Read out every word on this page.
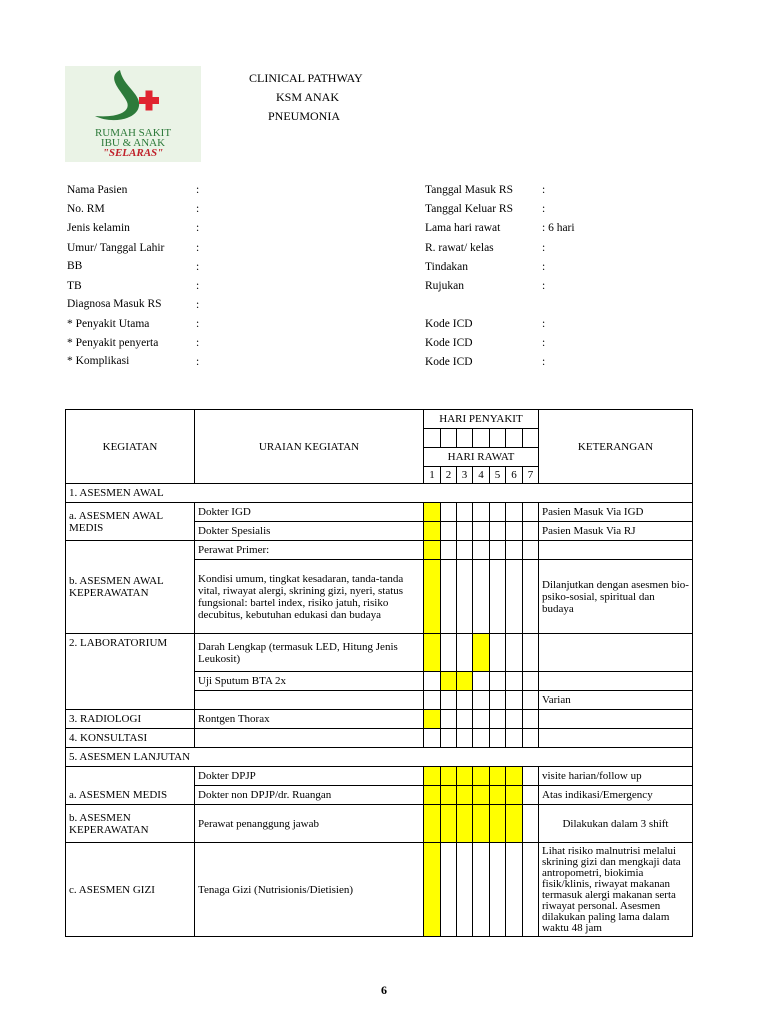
RUMAH SAKIT
IBU & ANAK
"SELARAS"
CLINICAL PATHWAY
KSM ANAK
PNEUMONIA
Nama Pasien	:
No. RM	:
Jenis kelamin	:
Umur/ Tanggal Lahir	:
BB	:
TB	:
Diagnosa Masuk RS	:
* Penyakit Utama	:
* Penyakit penyerta	:
* Komplikasi	:
Tanggal Masuk RS	:
Tanggal Keluar RS	:
Lama hari rawat	: 6 hari
R. rawat/ kelas	:
Tindakan	:
Rujukan	:
Kode ICD	:
Kode ICD	:
Kode ICD	:
KEGIATAN	URAIAN KEGIATAN	HARI PENYAKIT							KETERANGAN

		HARI RAWAT							
		1	2	3	4	5	6	7	
1. ASESMEN AWAL									
a. ASESMEN AWAL MEDIS	Dokter IGD								Pasien Masuk Via IGD
	Dokter Spesialis								Pasien Masuk Via RJ
b. ASESMEN AWAL KEPERAWATAN	Perawat Primer:								
	Kondisi umum, tingkat kesadaran, tanda-tanda vital, riwayat alergi, skrining gizi, nyeri, status fungsional: bartel index, risiko jatuh, risiko decubitus, kebutuhan edukasi dan budaya								Dilanjutkan dengan asesmen bio-psiko-sosial, spiritual dan budaya
2. LABORATORIUM	Darah Lengkap (termasuk LED, Hitung Jenis Leukosit)								
	Uji Sputum BTA 2x								
									Varian
3. RADIOLOGI	Rontgen Thorax								
4. KONSULTASI									
5. ASESMEN LANJUTAN									
a. ASESMEN MEDIS	Dokter DPJP								visite harian/follow up
	Dokter non DPJP/dr. Ruangan								Atas indikasi/Emergency
b. ASESMEN KEPERAWATAN	Perawat penanggung jawab								Dilakukan dalam 3 shift
c. ASESMEN GIZI	Tenaga Gizi (Nutrisionis/Dietisien)								Lihat risiko malnutrisi melalui skrining gizi dan mengkaji data antropometri, biokimia fisik/klinis, riwayat makanan termasuk alergi makanan serta riwayat personal. Asesmen dilakukan paling lama dalam waktu 48 jam
6
